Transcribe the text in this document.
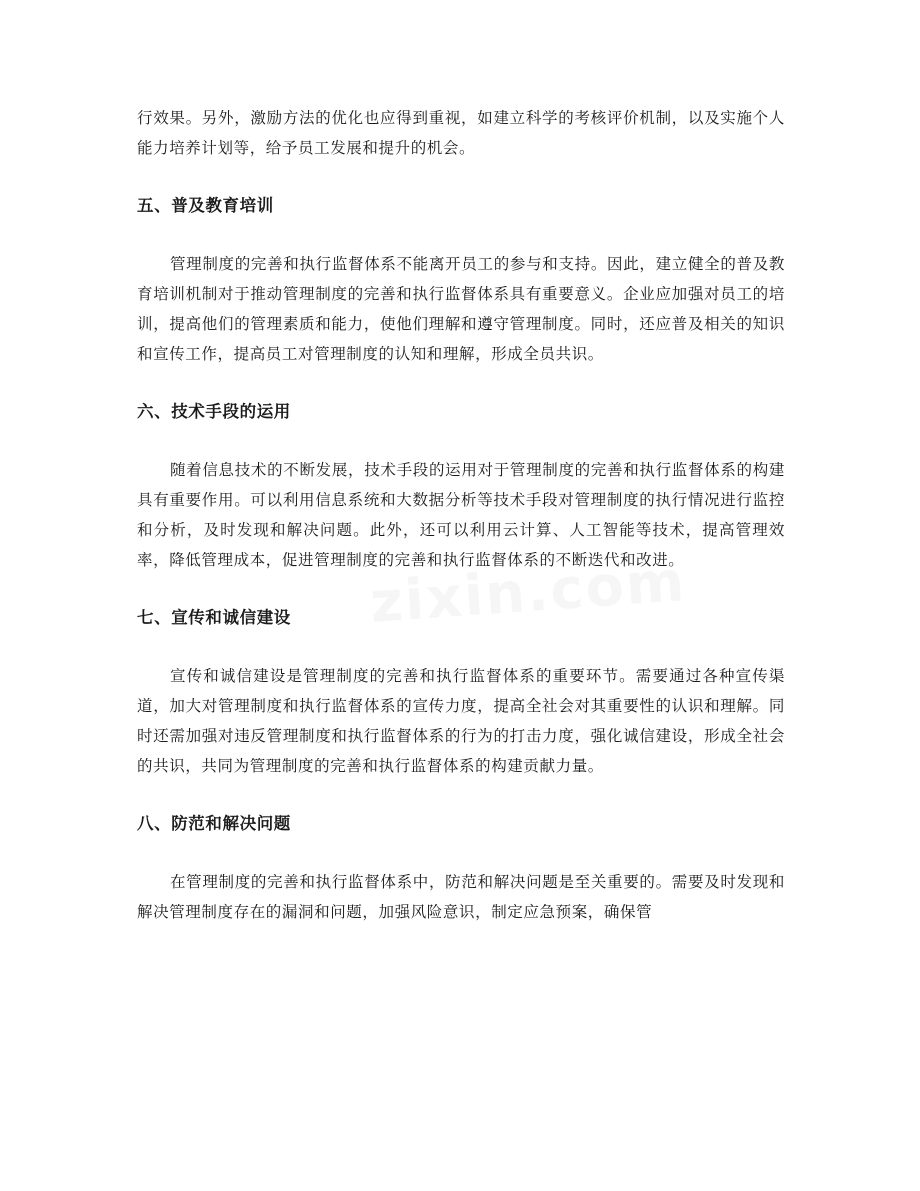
行效果。另外，激励方法的优化也应得到重视，如建立科学的考核评价机制，以及实施个人能力培养计划等，给予员工发展和提升的机会。

五、普及教育培训

管理制度的完善和执行监督体系不能离开员工的参与和支持。因此，建立健全的普及教育培训机制对于推动管理制度的完善和执行监督体系具有重要意义。企业应加强对员工的培训，提高他们的管理素质和能力，使他们理解和遵守管理制度。同时，还应普及相关的知识和宣传工作，提高员工对管理制度的认知和理解，形成全员共识。

六、技术手段的运用

随着信息技术的不断发展，技术手段的运用对于管理制度的完善和执行监督体系的构建具有重要作用。可以利用信息系统和大数据分析等技术手段对管理制度的执行情况进行监控和分析，及时发现和解决问题。此外，还可以利用云计算、人工智能等技术，提高管理效率，降低管理成本，促进管理制度的完善和执行监督体系的不断迭代和改进。

七、宣传和诚信建设

宣传和诚信建设是管理制度的完善和执行监督体系的重要环节。需要通过各种宣传渠道，加大对管理制度和执行监督体系的宣传力度，提高全社会对其重要性的认识和理解。同时还需加强对违反管理制度和执行监督体系的行为的打击力度，强化诚信建设，形成全社会的共识，共同为管理制度的完善和执行监督体系的构建贡献力量。

八、防范和解决问题

在管理制度的完善和执行监督体系中，防范和解决问题是至关重要的。需要及时发现和解决管理制度存在的漏洞和问题，加强风险意识，制定应急预案，确保管
